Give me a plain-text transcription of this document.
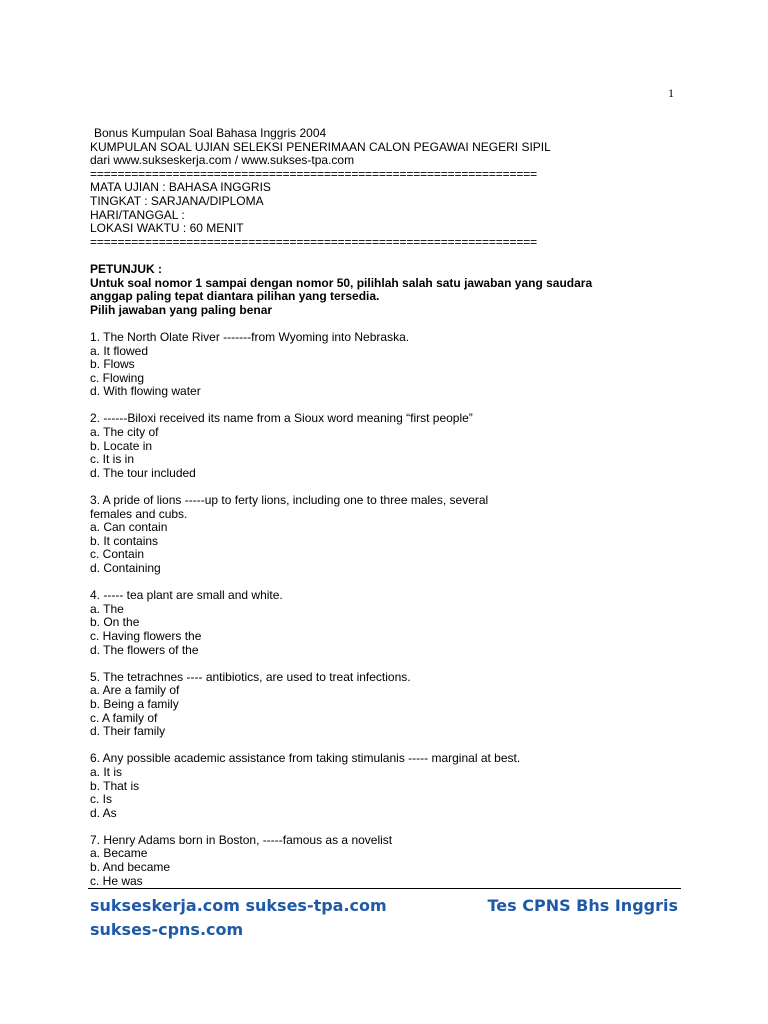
1
Bonus Kumpulan Soal Bahasa Inggris 2004
KUMPULAN SOAL UJIAN SELEKSI PENERIMAAN CALON PEGAWAI NEGERI SIPIL
dari www.sukseskerja.com / www.sukses-tpa.com
=================================================================
MATA UJIAN : BAHASA INGGRIS
TINGKAT : SARJANA/DIPLOMA
HARI/TANGGAL :
LOKASI WAKTU : 60 MENIT
=================================================================
PETUNJUK :
Untuk soal nomor 1 sampai dengan nomor 50, pilihlah salah satu jawaban yang saudara
anggap paling tepat diantara pilihan yang tersedia.
Pilih jawaban yang paling benar
1. The North Olate River -------from Wyoming into Nebraska.
a. It flowed
b. Flows
c. Flowing
d. With flowing water
2. ------Biloxi received its name from a Sioux word meaning “first people”
a. The city of
b. Locate in
c. It is in
d. The tour included
3. A pride of lions -----up to ferty lions, including one to three males, several
females and cubs.
a. Can contain
b. It contains
c. Contain
d. Containing
4. ----- tea plant are small and white.
a. The
b. On the
c. Having flowers the
d. The flowers of the
5. The tetrachnes ---- antibiotics, are used to treat infections.
a. Are a family of
b. Being a family
c. A family of
d. Their family
6. Any possible academic assistance from taking stimulanis ----- marginal at best.
a. It is
b. That is
c. Is
d. As
7. Henry Adams born in Boston, -----famous as a novelist
a. Became
b. And became
c. He was
sukseskerja.com sukses-tpa.com
sukses-cpns.com
Tes CPNS Bhs Inggris
